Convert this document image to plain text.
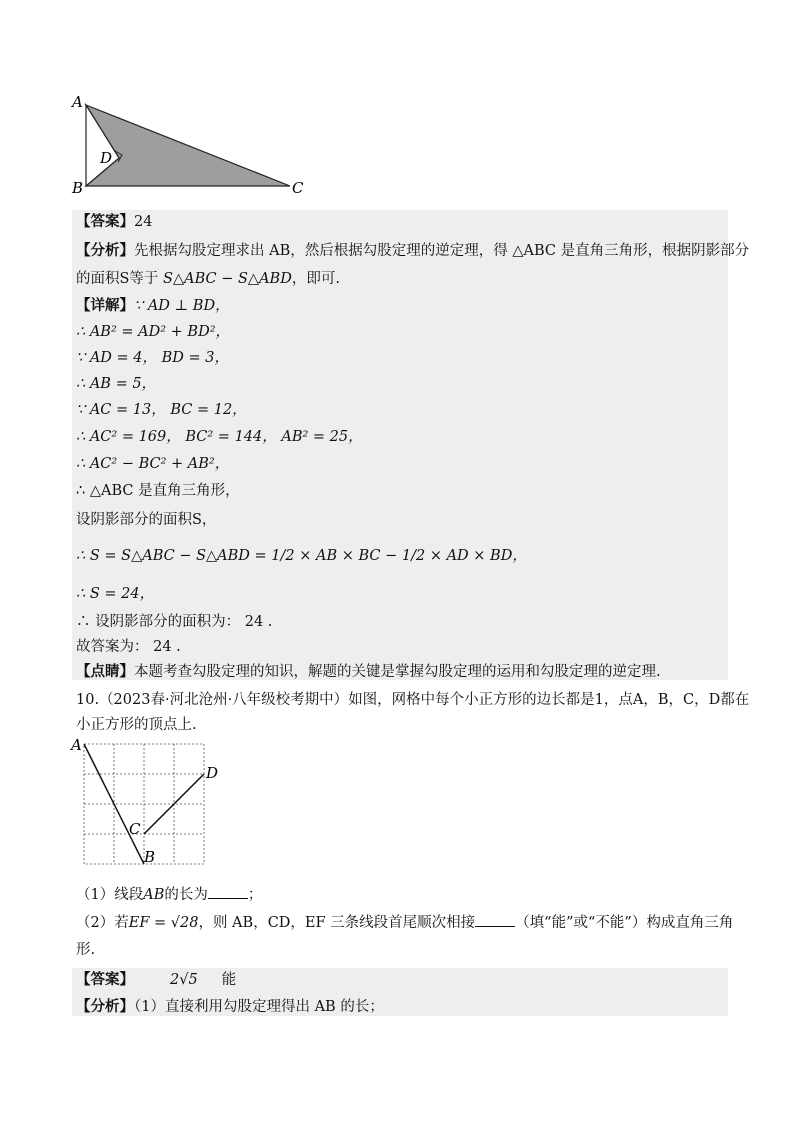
A
B	C
D
【答案】24
【分析】先根据勾股定理求出 AB，然后根据勾股定理的逆定理，得 △ABC 是直角三角形，根据阴影部分
的面积S等于 S△ABC − S△ABD，即可.
【详解】∵ AD ⊥ BD，
∴ AB² = AD² + BD²，
∵ AD = 4， BD = 3，
∴ AB = 5，
∵ AC = 13， BC = 12，
∴ AC² = 169， BC² = 144， AB² = 25，
∴ AC² − BC² + AB²，
∴ △ABC 是直角三角形，
设阴影部分的面积S，
∴ S = S△ABC − S△ABD = 1/2 × AB × BC − 1/2 × AD × BD，
∴ S = 24，
∴ 设阴影部分的面积为： 24 .
故答案为： 24 .
【点睛】本题考查勾股定理的知识，解题的关键是掌握勾股定理的运用和勾股定理的逆定理.
10.（2023春·河北沧州·八年级校考期中）如图，网格中每个小正方形的边长都是1，点A，B，C，D都在
小正方形的顶点上.
A
B
C
D
（1）线段AB的长为	；
（2）若EF = √28，则 AB，CD，EF 三条线段首尾顺次相接	（填“能”或“不能”）构成直角三角
形.
【答案】 2√5 能
【分析】（1）直接利用勾股定理得出 AB 的长；
